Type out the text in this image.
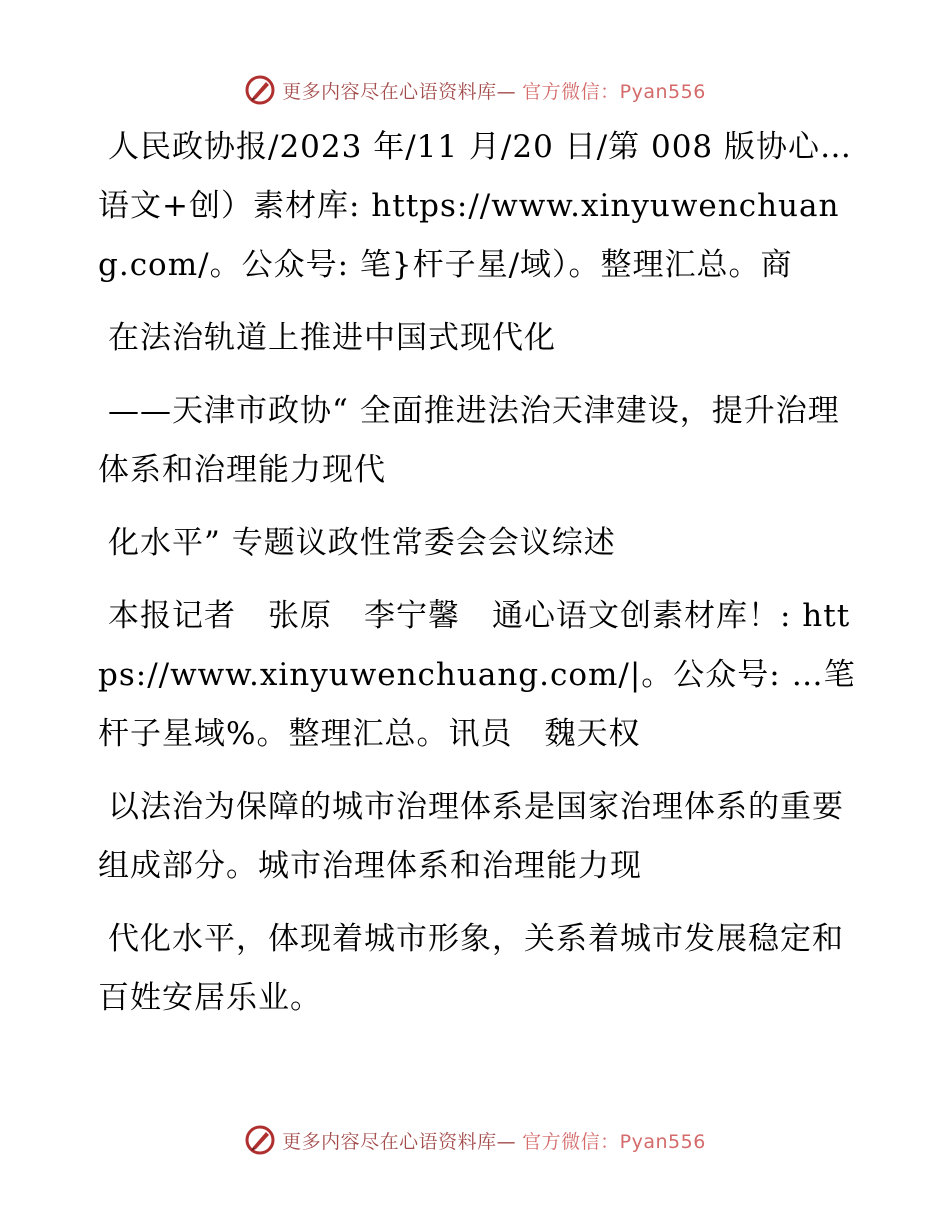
更多内容尽在心语资料库— 官方微信：Pyan556

人民政协报/2023 年/11 月/20 日/第 008 版协心…语文+创）素材库: https://www.xinyuwenchuang.com/。公众号: 笔}杆子星/域）。整理汇总。商

在法治轨道上推进中国式现代化

——天津市政协“ 全面推进法治天津建设，提升治理体系和治理能力现代

化水平” 专题议政性常委会会议综述

本报记者　张原　李宁馨　通心语文创素材库！: https://www.xinyuwenchuang.com/|。公众号: …笔杆子星域%。整理汇总。讯员　魏天权

以法治为保障的城市治理体系是国家治理体系的重要组成部分。城市治理体系和治理能力现

代化水平，体现着城市形象，关系着城市发展稳定和百姓安居乐业。

更多内容尽在心语资料库— 官方微信：Pyan556
